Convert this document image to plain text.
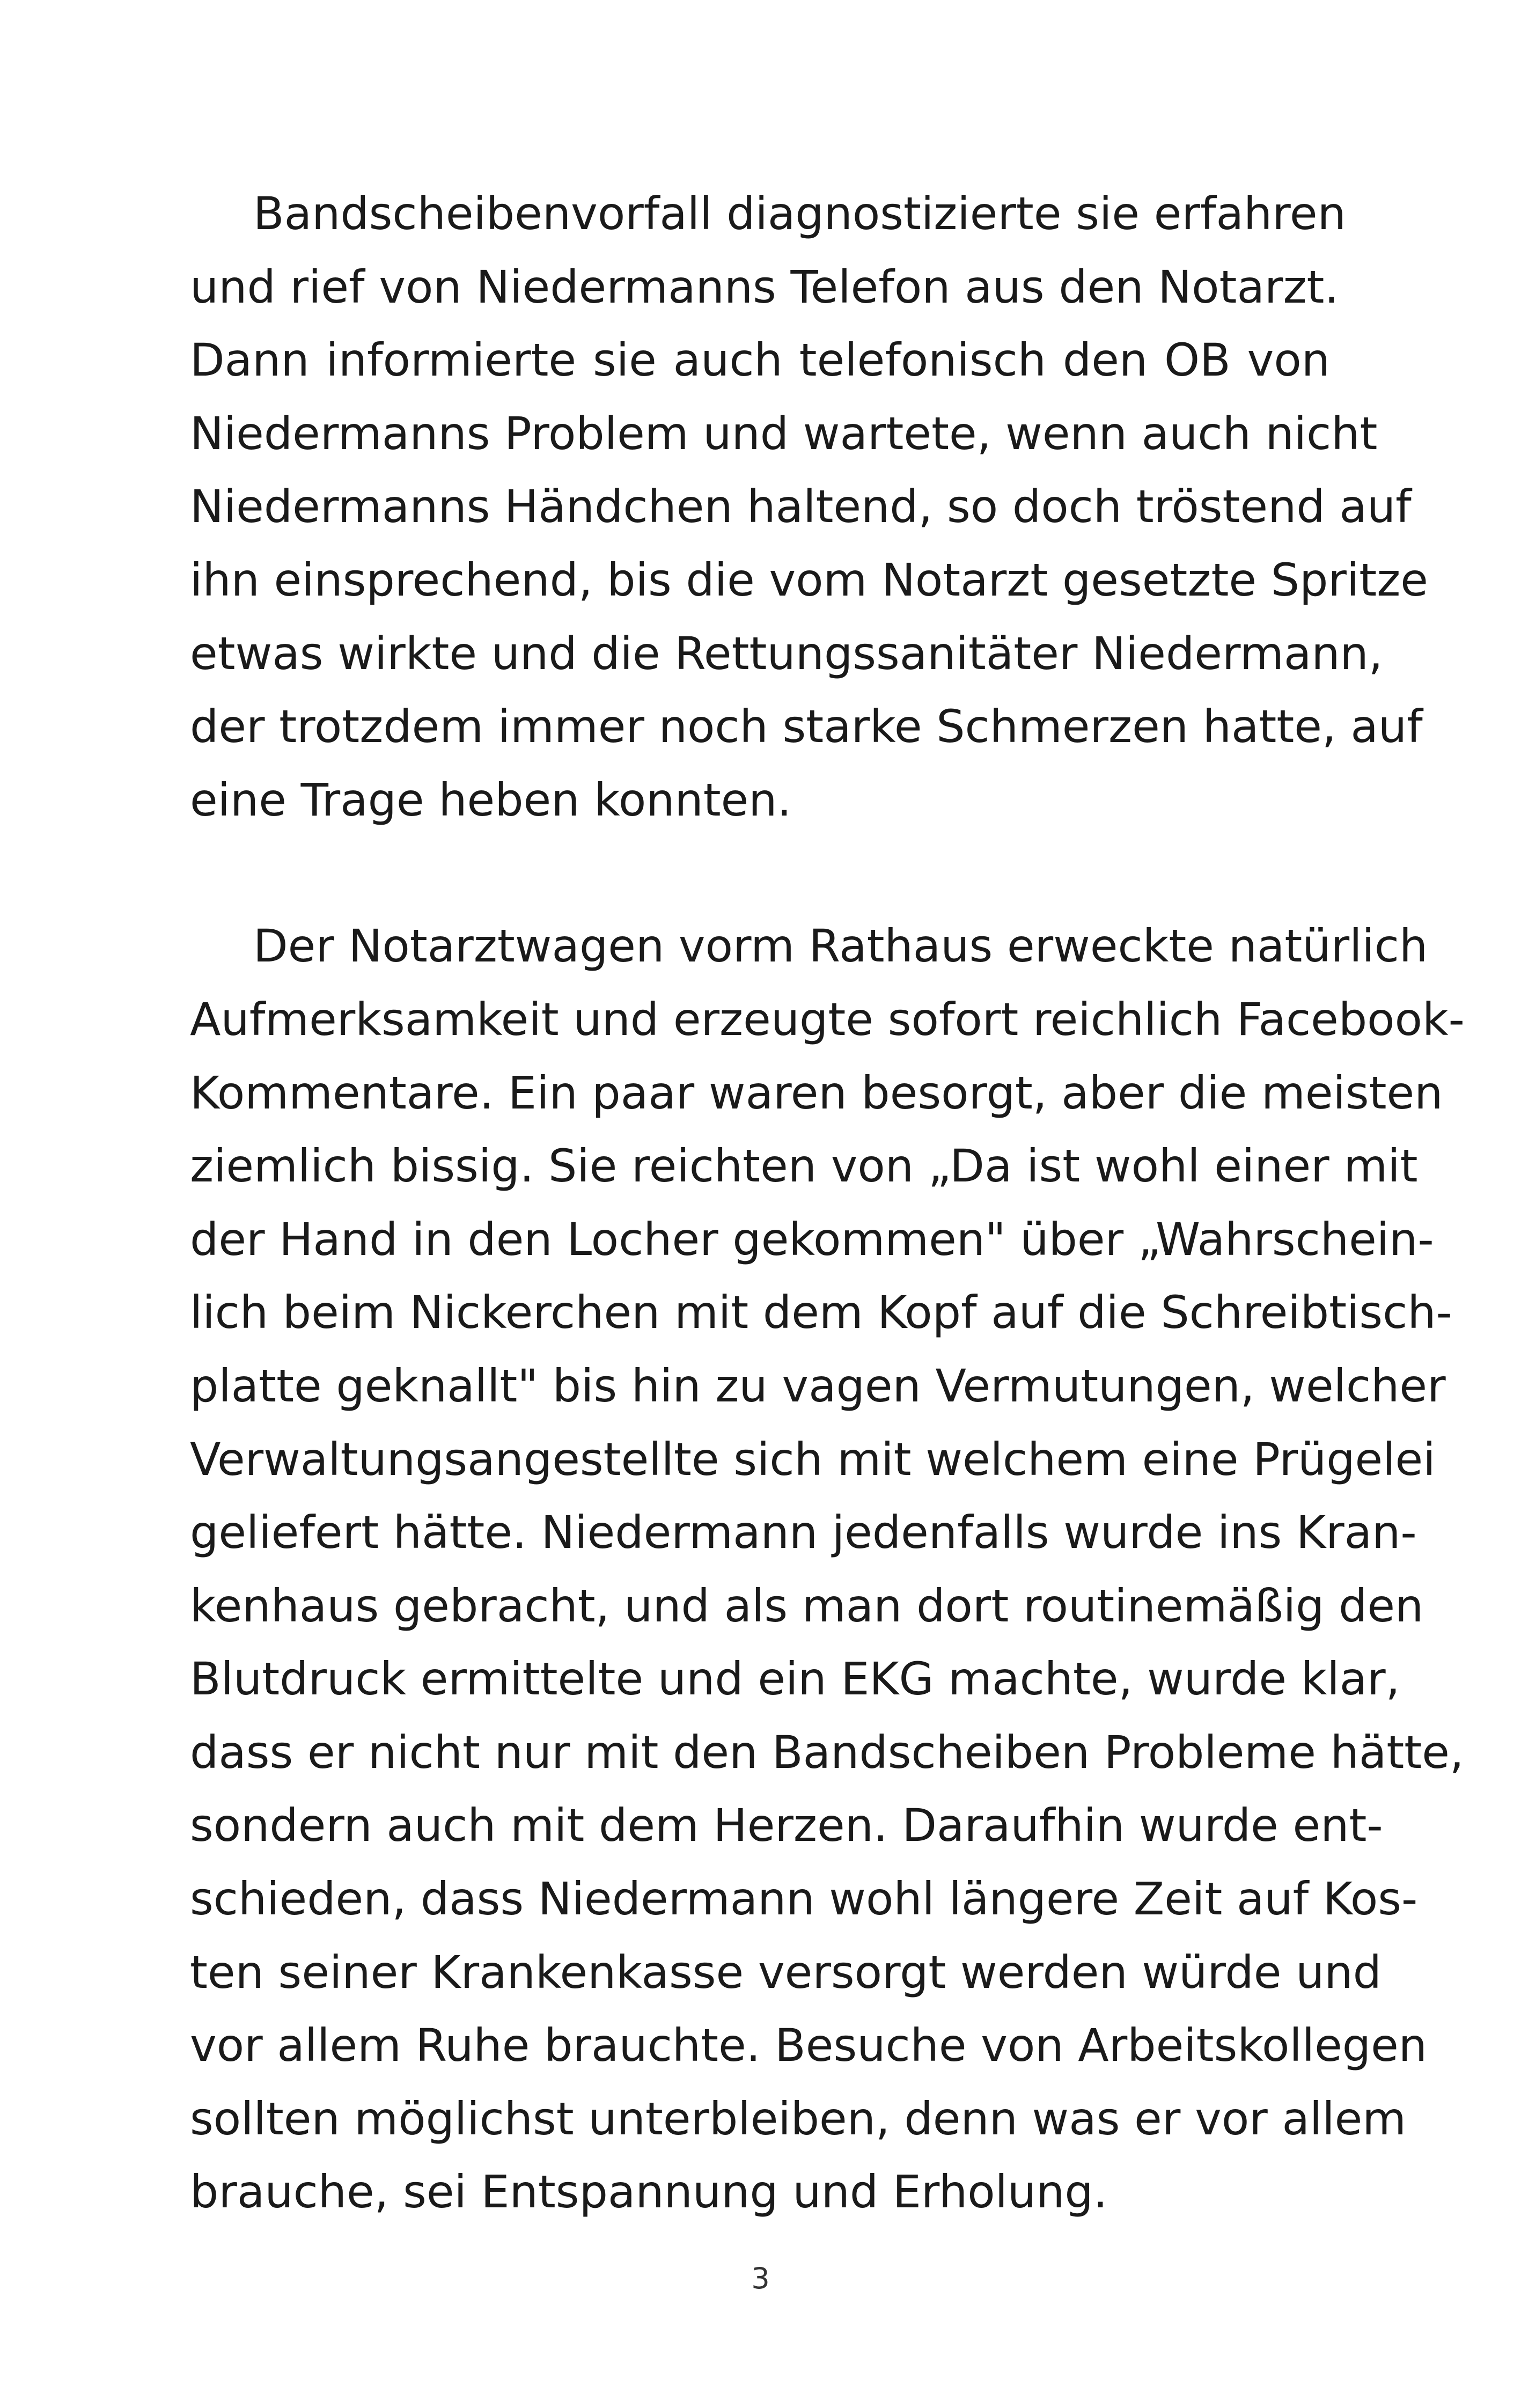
Bandscheibenvorfall diagnostizierte sie erfahren
und rief von Niedermanns Telefon aus den Notarzt.
Dann informierte sie auch telefonisch den OB von
Niedermanns Problem und wartete, wenn auch nicht
Niedermanns Händchen haltend, so doch tröstend auf
ihn einsprechend, bis die vom Notarzt gesetzte Spritze
etwas wirkte und die Rettungssanitäter Niedermann,
der trotzdem immer noch starke Schmerzen hatte, auf
eine Trage heben konnten.
Der Notarztwagen vorm Rathaus erweckte natürlich
Aufmerksamkeit und erzeugte sofort reichlich Facebook-
Kommentare. Ein paar waren besorgt, aber die meisten
ziemlich bissig. Sie reichten von „Da ist wohl einer mit
der Hand in den Locher gekommen" über „Wahrschein-
lich beim Nickerchen mit dem Kopf auf die Schreibtisch-
platte geknallt" bis hin zu vagen Vermutungen, welcher
Verwaltungsangestellte sich mit welchem eine Prügelei
geliefert hätte. Niedermann jedenfalls wurde ins Kran-
kenhaus gebracht, und als man dort routinemäßig den
Blutdruck ermittelte und ein EKG machte, wurde klar,
dass er nicht nur mit den Bandscheiben Probleme hätte,
sondern auch mit dem Herzen. Daraufhin wurde ent-
schieden, dass Niedermann wohl längere Zeit auf Kos-
ten seiner Krankenkasse versorgt werden würde und
vor allem Ruhe brauchte. Besuche von Arbeitskollegen
sollten möglichst unterbleiben, denn was er vor allem
brauche, sei Entspannung und Erholung.
3
